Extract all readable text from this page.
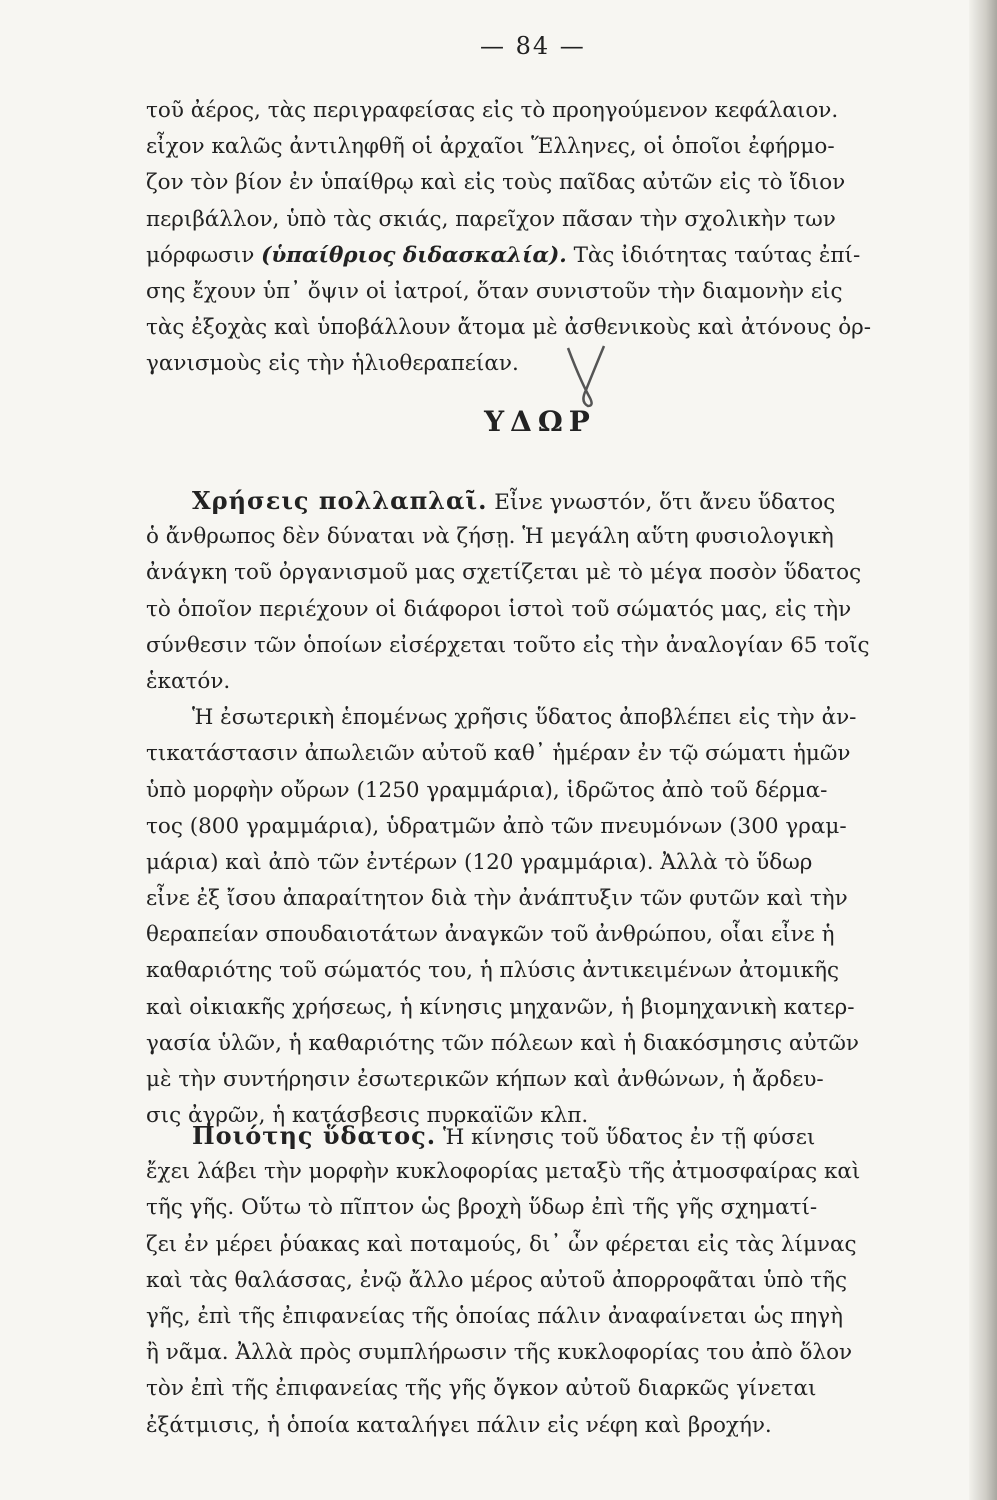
— 84 —
τοῦ ἀέρος, τὰς περιγραφείσας εἰς τὸ προηγούμενον κεφάλαιον.
εἶχον καλῶς ἀντιληφθῆ οἱ ἀρχαῖοι Ἕλληνες, οἱ ὁποῖοι ἐφήρμο-
ζον τὸν βίον ἐν ὑπαίθρῳ καὶ εἰς τοὺς παῖδας αὐτῶν εἰς τὸ ἴδιον
περιβάλλον, ὑπὸ τὰς σκιάς, παρεῖχον πᾶσαν τὴν σχολικὴν των
μόρφωσιν (ὑπαίθριος διδασκαλία). Τὰς ἰδιότητας ταύτας ἐπί-
σης ἔχουν ὑπ᾽ ὄψιν οἱ ἰατροί, ὅταν συνιστοῦν τὴν διαμονὴν εἰς
τὰς ἐξοχὰς καὶ ὑποβάλλουν ἄτομα μὲ ἀσθενικοὺς καὶ ἀτόνους ὀρ-
γανισμοὺς εἰς τὴν ἡλιοθεραπείαν.
ΥΔΩΡ
Χρήσεις πολλαπλαῖ. Εἶνε γνωστόν, ὅτι ἄνευ ὕδατος
ὁ ἄνθρωπος δὲν δύναται νὰ ζήσῃ. Ἡ μεγάλη αὕτη φυσιολογικὴ
ἀνάγκη τοῦ ὀργανισμοῦ μας σχετίζεται μὲ τὸ μέγα ποσὸν ὕδατος
τὸ ὁποῖον περιέχουν οἱ διάφοροι ἱστοὶ τοῦ σώματός μας, εἰς τὴν
σύνθεσιν τῶν ὁποίων εἰσέρχεται τοῦτο εἰς τὴν ἀναλογίαν 65 τοῖς
ἑκατόν.
Ἡ ἐσωτερικὴ ἑπομένως χρῆσις ὕδατος ἀποβλέπει εἰς τὴν ἀν-
τικατάστασιν ἀπωλειῶν αὐτοῦ καθ᾽ ἡμέραν ἐν τῷ σώματι ἡμῶν
ὑπὸ μορφὴν οὔρων (1250 γραμμάρια), ἱδρῶτος ἀπὸ τοῦ δέρμα-
τος (800 γραμμάρια), ὑδρατμῶν ἀπὸ τῶν πνευμόνων (300 γραμ-
μάρια) καὶ ἀπὸ τῶν ἐντέρων (120 γραμμάρια). Ἀλλὰ τὸ ὕδωρ
εἶνε ἐξ ἴσου ἀπαραίτητον διὰ τὴν ἀνάπτυξιν τῶν φυτῶν καὶ τὴν
θεραπείαν σπουδαιοτάτων ἀναγκῶν τοῦ ἀνθρώπου, οἷαι εἶνε ἡ
καθαριότης τοῦ σώματός του, ἡ πλύσις ἀντικειμένων ἀτομικῆς
καὶ οἰκιακῆς χρήσεως, ἡ κίνησις μηχανῶν, ἡ βιομηχανικὴ κατερ-
γασία ὑλῶν, ἡ καθαριότης τῶν πόλεων καὶ ἡ διακόσμησις αὐτῶν
μὲ τὴν συντήρησιν ἐσωτερικῶν κήπων καὶ ἀνθώνων, ἡ ἄρδευ-
σις ἀγρῶν, ἡ κατάσβεσις πυρκαϊῶν κλπ.
Ποιότης ὕδατος. Ἡ κίνησις τοῦ ὕδατος ἐν τῇ φύσει
ἔχει λάβει τὴν μορφὴν κυκλοφορίας μεταξὺ τῆς ἀτμοσφαίρας καὶ
τῆς γῆς. Οὕτω τὸ πῖπτον ὡς βροχὴ ὕδωρ ἐπὶ τῆς γῆς σχηματί-
ζει ἐν μέρει ῥύακας καὶ ποταμούς, δι᾽ ὧν φέρεται εἰς τὰς λίμνας
καὶ τὰς θαλάσσας, ἐνῷ ἄλλο μέρος αὐτοῦ ἀπορροφᾶται ὑπὸ τῆς
γῆς, ἐπὶ τῆς ἐπιφανείας τῆς ὁποίας πάλιν ἀναφαίνεται ὡς πηγὴ
ἢ νᾶμα. Ἀλλὰ πρὸς συμπλήρωσιν τῆς κυκλοφορίας του ἀπὸ ὅλον
τὸν ἐπὶ τῆς ἐπιφανείας τῆς γῆς ὄγκον αὐτοῦ διαρκῶς γίνεται
ἐξάτμισις, ἡ ὁποία καταλήγει πάλιν εἰς νέφη καὶ βροχήν.
